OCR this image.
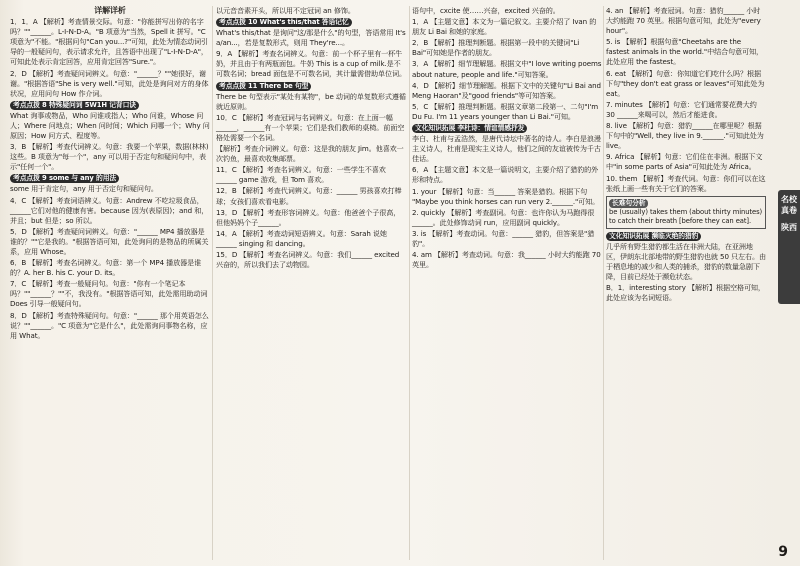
详解详析
1．1．A 【解析】考查情景交际。句意："你能拼写出你的名字吗？""______。L-I-N-D-A。"B 项意为"当然，Spell it 拼写。"C 项意为"不能。"根据问句"Can you...?"可知，此处为情态动词引导的一般疑问句，表示请求允许，且答语中出现了"L-I-N-D-A"，可知此处表示肯定回答，应用肯定回答"Sure."。
2．D 【解析】考查疑问词辨义。句意："______？""她很好，谢谢。"根据答语"She is very well."可知，此处是询问对方的身体状况，应用问句 How 作介词。
考点点拨 8 特殊疑问词 5W1H 记背口诀
What 询事或物品，Who 问谁或指人；Who 问谁，Whose 问人；Where 问地点；When 问时间；Which 问哪一个；Why 问原因；How 问方式、程度等。
3．B 【解析】考查代词辨义。句意：我要一个苹果，数据(林林)这些。B 项意为"每一个"，any 可以用于否定句和疑问句中，表示"任何一个"。
考点点拨 9 some 与 any 的用法
some 用于肯定句，any 用于否定句和疑问句。
4．C 【解析】考查词语辨义。句意：Andrew 不吃垃圾食品，______它们对他的健康有害。because 因为(表原因)；and 和，并且；but 但是；so 所以。
5．D 【解析】考查疑问词辨义。句意："______ MP4 播放器是谁的？""它是我的。"根据答语可知，此处询问的是物品的所属关系，应用 Whose。
6．B 【解析】考查名词辨义。句意：第一个 MP4 播放器是谁的？A. her B. his C. your D. its。
7．C 【解析】考查一般疑问句。句意："你有一个笔记本吗？""______？""不，我没有。"根据答语可知，此处需用助动词 Does 引导一般疑问句。
8．D 【解析】考查特殊疑问句。句意："______ 那个用英语怎么说？""______。"C 项意为"它是什么"，此处需询问事物名称，应用 What。
以元音音素开头，所以用不定冠词 an 修饰。
考点点拨 10 What's this/that 答语记忆
What's this/that 是询问"这/那是什么"的句型，答语常用 It's a/an...，若是复数形式，则用 They're...。
9．A 【解析】考查名词辨义。句意：前一个杯子里有一杯牛奶，并且由于有两瓶面包。牛奶 This is a cup of milk.是不可数名词；bread 面包是不可数名词，其计量需借助单位词。
考点点拨 11 There be 句型
There be 句型表示"某处有某物"，be 动词的单复数形式遵循就近原则。
10．C 【解析】考查冠词与名词辨义。句意：在上面一幅______，______有一个苹果；它们是我们教师的桌椅。前面空格处需要一个名词。
【解析】考查介词辨义。句意：这是我的朋友 Jim。他喜欢一次钓鱼，最喜欢收集邮票。
11．C 【解析】考查名词辨义。句意：一些学生不喜欢______ game 游戏，但 Tom 喜欢。
12．B 【解析】考查代词辨义。句意：______ 男孩喜欢打棒球；女孩们喜欢看电影。
13．D 【解析】考查形容词辨义。句意：他爸爸个子很高，但他妈妈个子______。
14．A 【解析】考查动词短语辨义。句意：Sarah 说她______ singing 和 dancing。
15．D 【解析】考查名词辨义。句意：我们______ excited 兴奋的，所以我们去了动物园。
语句中，cxcite 使……兴奋，excited 兴奋的。
1．A 【主题文意】本文为一篇记叙文。主要介绍了 Ivan 的朋友 Li Bai 和她的家庭。
2．B 【解析】推理判断题。根据第一段中的关键词"Li Bai"可知她是作者的朋友。
3．A 【解析】细节理解题。根据文中"I love writing poems about nature, people and life."可知答案。
4．D 【解析】细节理解题。根据下文中的关键句"Li Bai and Meng Haoran"及"good friends"等可知答案。
5．C 【解析】推理判断题。根据文章第二段第一、二句"I'm Du Fu. I'm 11 years younger than Li Bai."可知。
文化知识拓展 李杜诗：情谊情感抒发
李白、杜甫与孟浩然，是唐代诗坛中著名的诗人。李白是浪漫主义诗人，杜甫是现实主义诗人，他们之间的友谊被传为千古佳话。
6．A 【主题文意】本文是一篇说明文，主要介绍了猎豹的外形和特点。
1. your 【解析】句意：当______ 答案是猎豹。根据下句 "Maybe you think horses can run very 2.______."可知。
2. quickly 【解析】考查副词。句意：也许你认为马跑得很______。此处修饰动词 run，应用副词 quickly。
3. is 【解析】考查动词。句意：______ 猎豹，但答案是"猎豹"。
4. am 【解析】考查动词。句意：我______ 小时大约能跑 70 英里。
4. an 【解析】考查冠词。句意：猎豹______ 小时大约能跑 70 英里。根据句意可知，此处为"every hour"。
5. is 【解析】根据句意"Cheetahs are the fastest animals in the world."中结合句意可知，此处应用 the fastest。
6. eat 【解析】句意：你知道它们吃什么吗？根据下句"they don't eat grass or leaves"可知此处为 eat。
7. minutes 【解析】句意：它们通常要花费大约 30 ______来喝可以，然后才能进食。
8. live 【解析】句意：猎豹______在哪里呢？根据下句中的"Well, they live in 9.______."可知此处为 live。
9. Africa 【解析】句意：它们住在非洲。根据下文中"in some parts of Asia"可知此处为 Africa。
10. them 【解析】考查代词。句意：你们可以在这张纸上画一些有关于它们的答案。
长难句分析
be (usually) takes them (about thirty minutes)
to catch their breath [before they can eat].
文化知识拓展 濒临灭绝的猎豹
几乎所有野生猎豹都生活在非洲大陆，在亚洲地区，伊朗东北部地带的野生猎豹也就 50 只左右。由于栖息地的减少和人类的捕杀，猎豹的数量急剧下降，目前已经处于濒危状态。
B．1．interesting story 【解析】根据空格可知，此处应该为名词短语。
名校真卷
陕西
9
